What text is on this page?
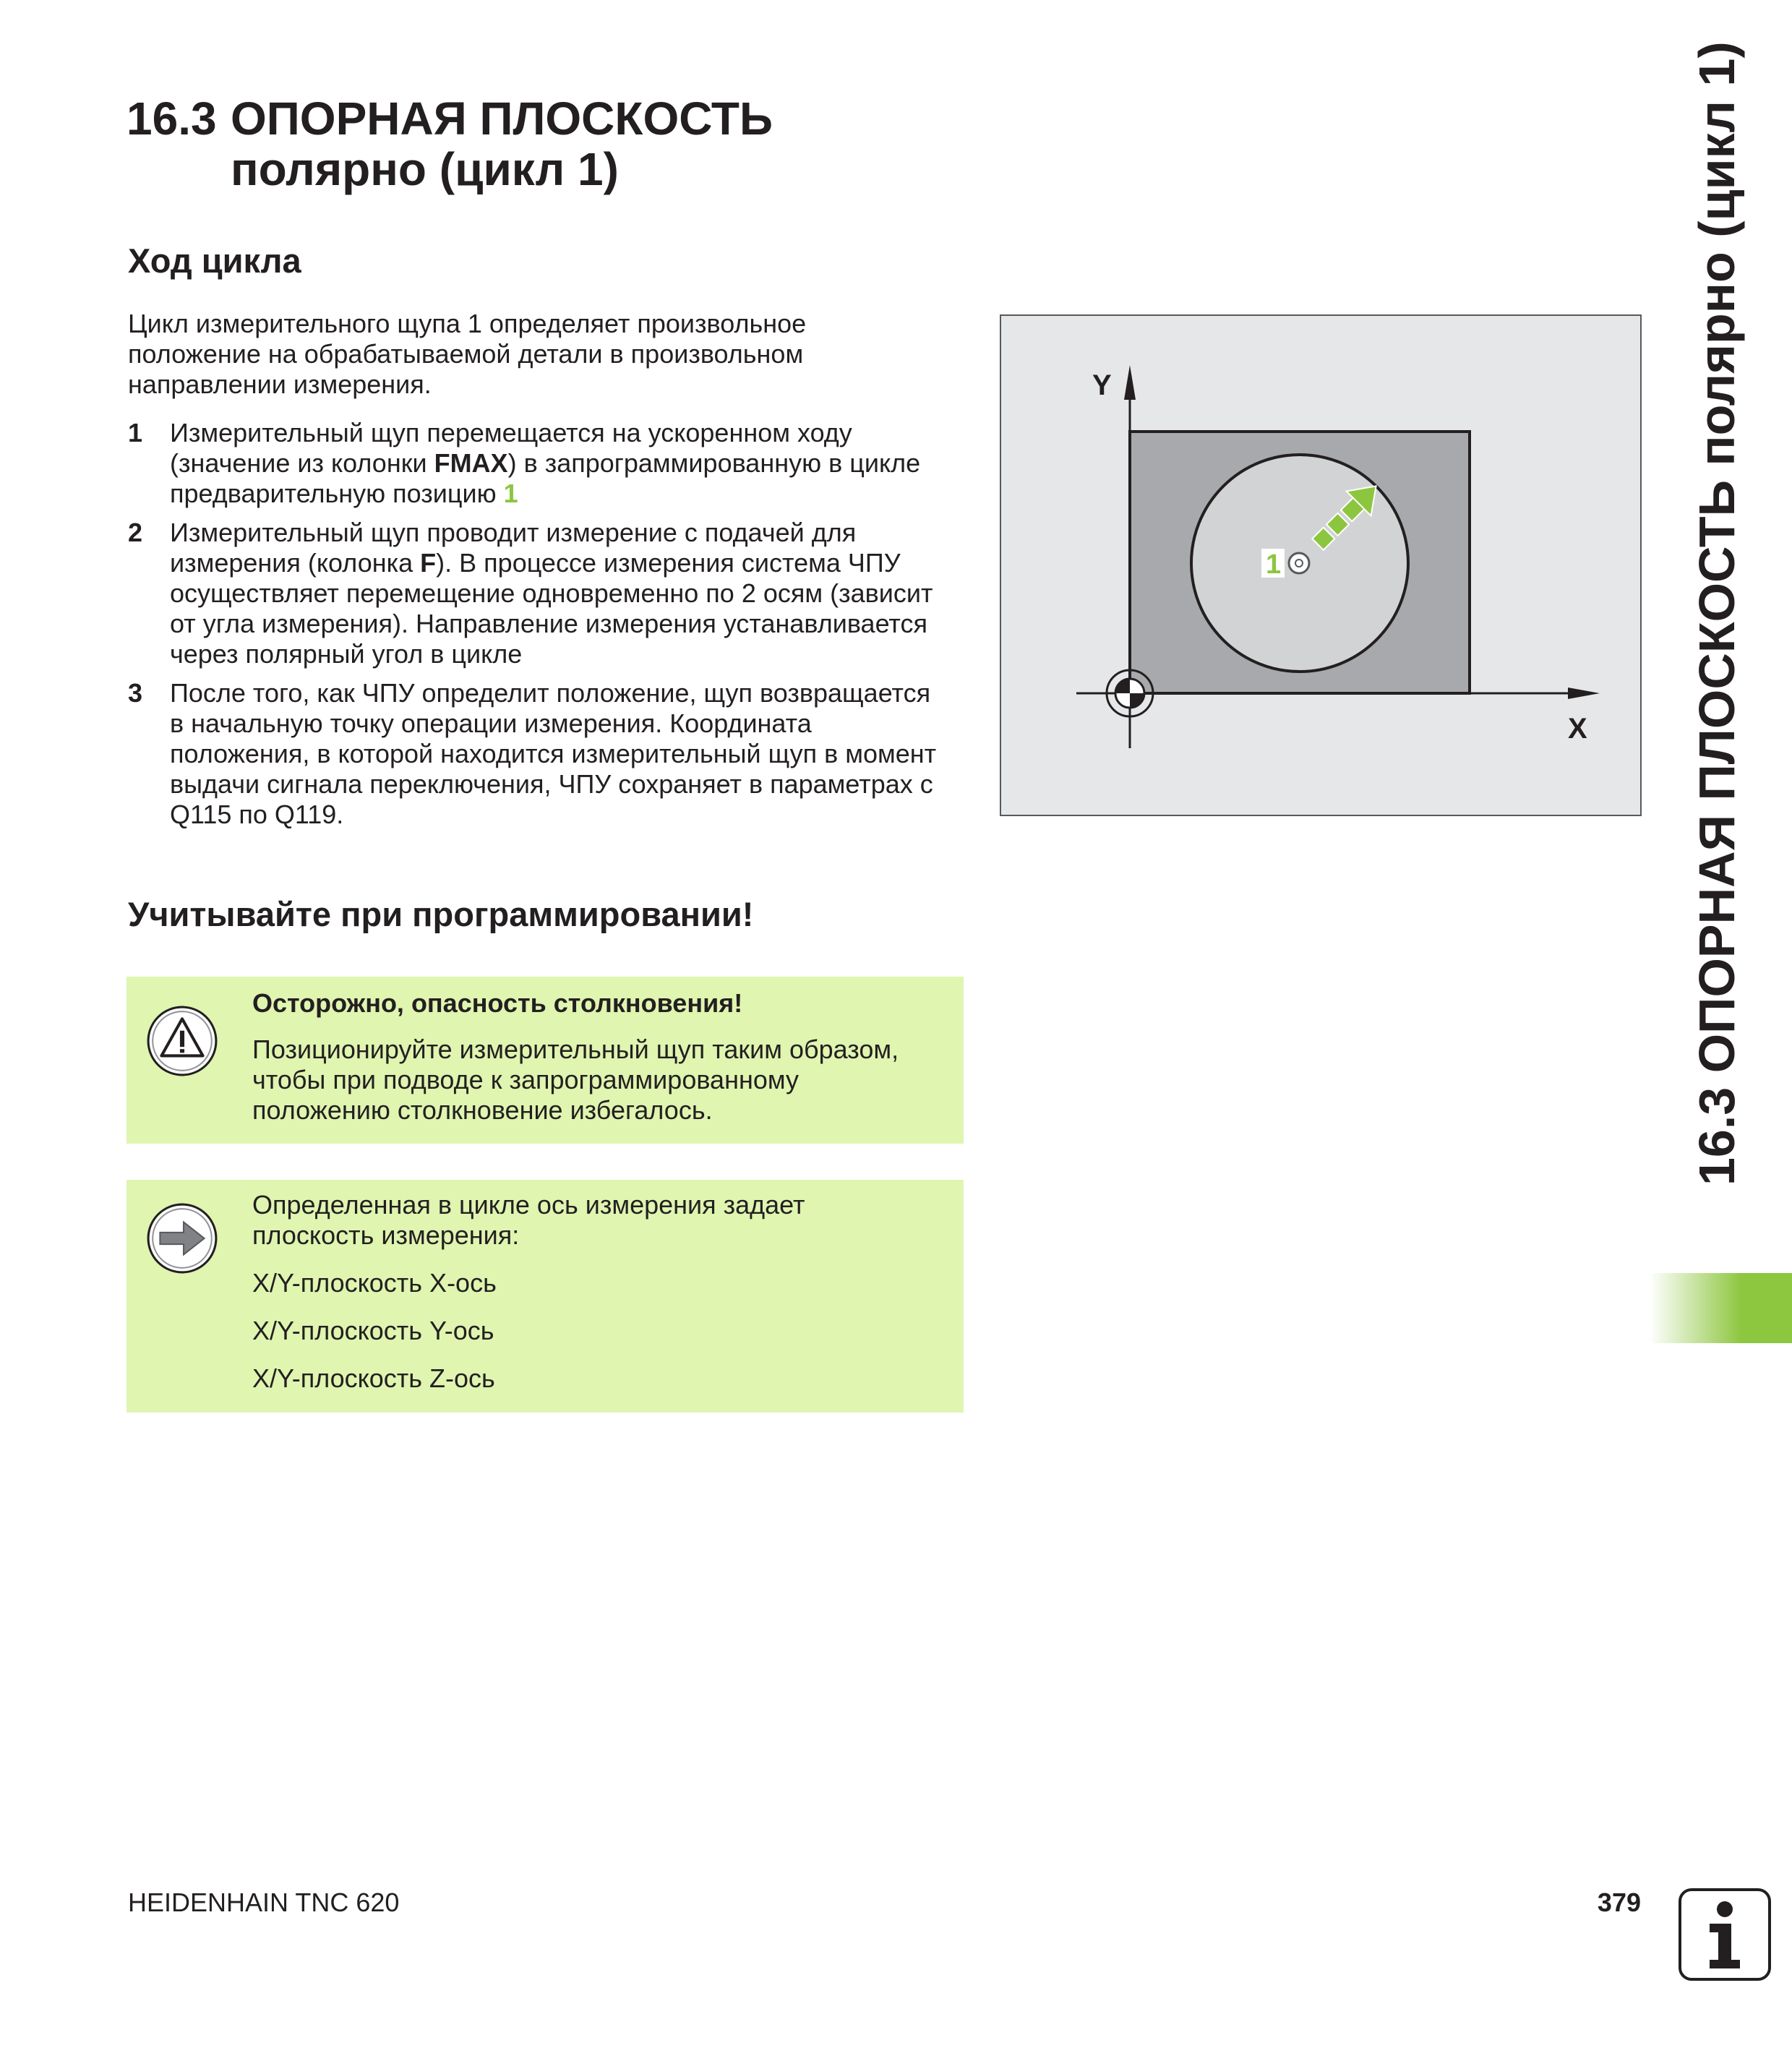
16.3 ОПОРНАЯ ПЛОСКОСТЬ
полярно (цикл 1)
Ход цикла
Цикл измерительного щупа 1 определяет произвольное
положение на обрабатываемой детали в произвольном
направлении измерения.
1 Измерительный щуп перемещается на ускоренном ходу
(значение из колонки FMAX) в запрограммированную в цикле
предварительную позицию 1
2 Измерительный щуп проводит измерение с подачей для
измерения (колонка F). В процессе измерения система ЧПУ
осуществляет перемещение одновременно по 2 осям (зависит
от угла измерения). Направление измерения устанавливается
через полярный угол в цикле
3 После того, как ЧПУ определит положение, щуп возвращается
в начальную точку операции измерения. Координата
положения, в которой находится измерительный щуп в момент
выдачи сигнала переключения, ЧПУ сохраняет в параметрах с
Q115 по Q119.
Учитывайте при программировании!
Осторожно, опасность столкновения!
Позиционируйте измерительный щуп таким образом,
чтобы при подводе к запрограммированному
положению столкновение избегалось.
Определенная в цикле ось измерения задает
плоскость измерения:
X/Y-плоскость X-ось
X/Y-плоскость Y-ось
X/Y-плоскость Z-ось
Y
X
1	16.3 ОПОРНАЯ ПЛОСКОСТЬ полярно (цикл 1)
HEIDENHAIN TNC 620	379
